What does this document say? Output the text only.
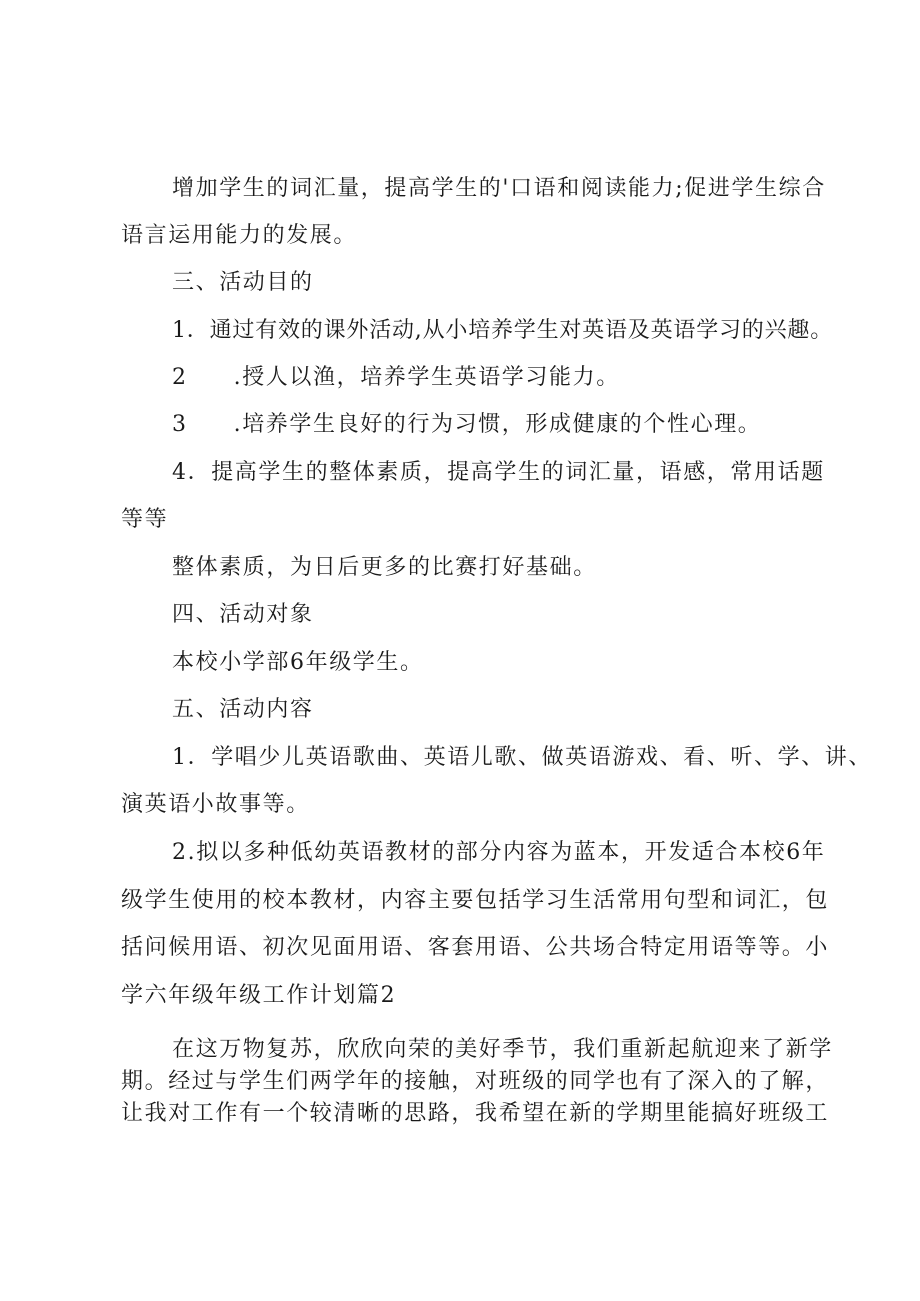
增加学生的词汇量，提高学生的'口语和阅读能力;促进学生综合
语言运用能力的发展。
三、活动目的
1．通过有效的课外活动,从小培养学生对英语及英语学习的兴趣。
2 .授人以渔，培养学生英语学习能力。
3 .培养学生良好的行为习惯，形成健康的个性心理。
4．提高学生的整体素质，提高学生的词汇量，语感，常用话题
等等
整体素质，为日后更多的比赛打好基础。
四、活动对象
本校小学部6年级学生。
五、活动内容
1．学唱少儿英语歌曲、英语儿歌、做英语游戏、看、听、学、讲、
演英语小故事等。
2.拟以多种低幼英语教材的部分内容为蓝本，开发适合本校6年
级学生使用的校本教材，内容主要包括学习生活常用句型和词汇，包
括问候用语、初次见面用语、客套用语、公共场合特定用语等等。小
学六年级年级工作计划篇2
在这万物复苏，欣欣向荣的美好季节，我们重新起航迎来了新学
期。经过与学生们两学年的接触，对班级的同学也有了深入的了解，
让我对工作有一个较清晰的思路，我希望在新的学期里能搞好班级工
